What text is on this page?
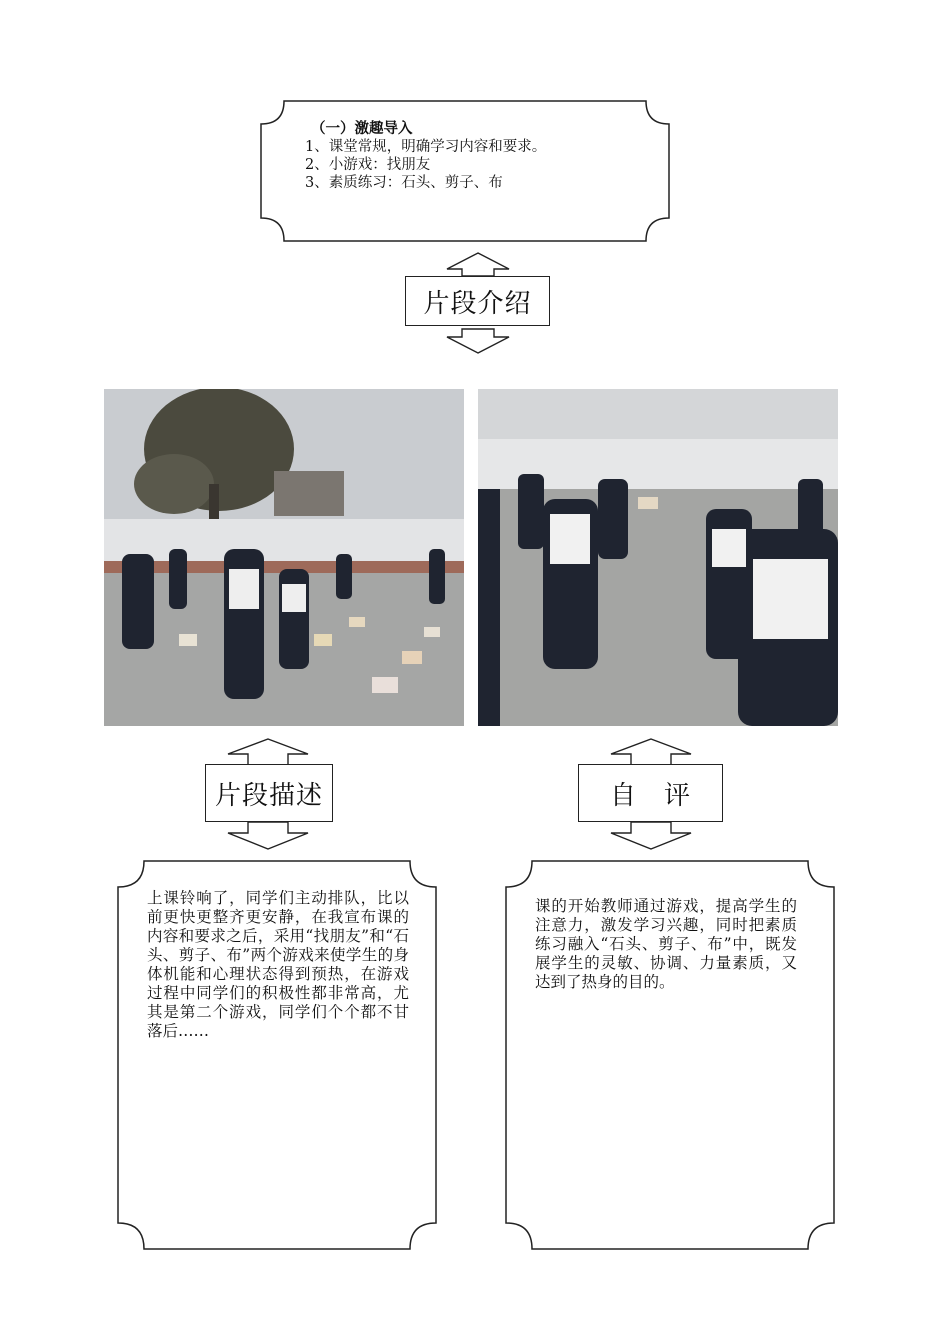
（一）激趣导入
1、课堂常规，明确学习内容和要求。
2、小游戏：找朋友
3、素质练习：石头、剪子、布
片段介绍
片段描述	自　评
上课铃响了，同学们主动排队，比以前更快更整齐更安静，在我宣布课的内容和要求之后，采用“找朋友”和“石头、剪子、布”两个游戏来使学生的身体机能和心理状态得到预热，在游戏过程中同学们的积极性都非常高，尤其是第二个游戏，同学们个个都不甘落后……
课的开始教师通过游戏，提高学生的注意力，激发学习兴趣，同时把素质练习融入“石头、剪子、布”中，既发展学生的灵敏、协调、力量素质，又达到了热身的目的。
